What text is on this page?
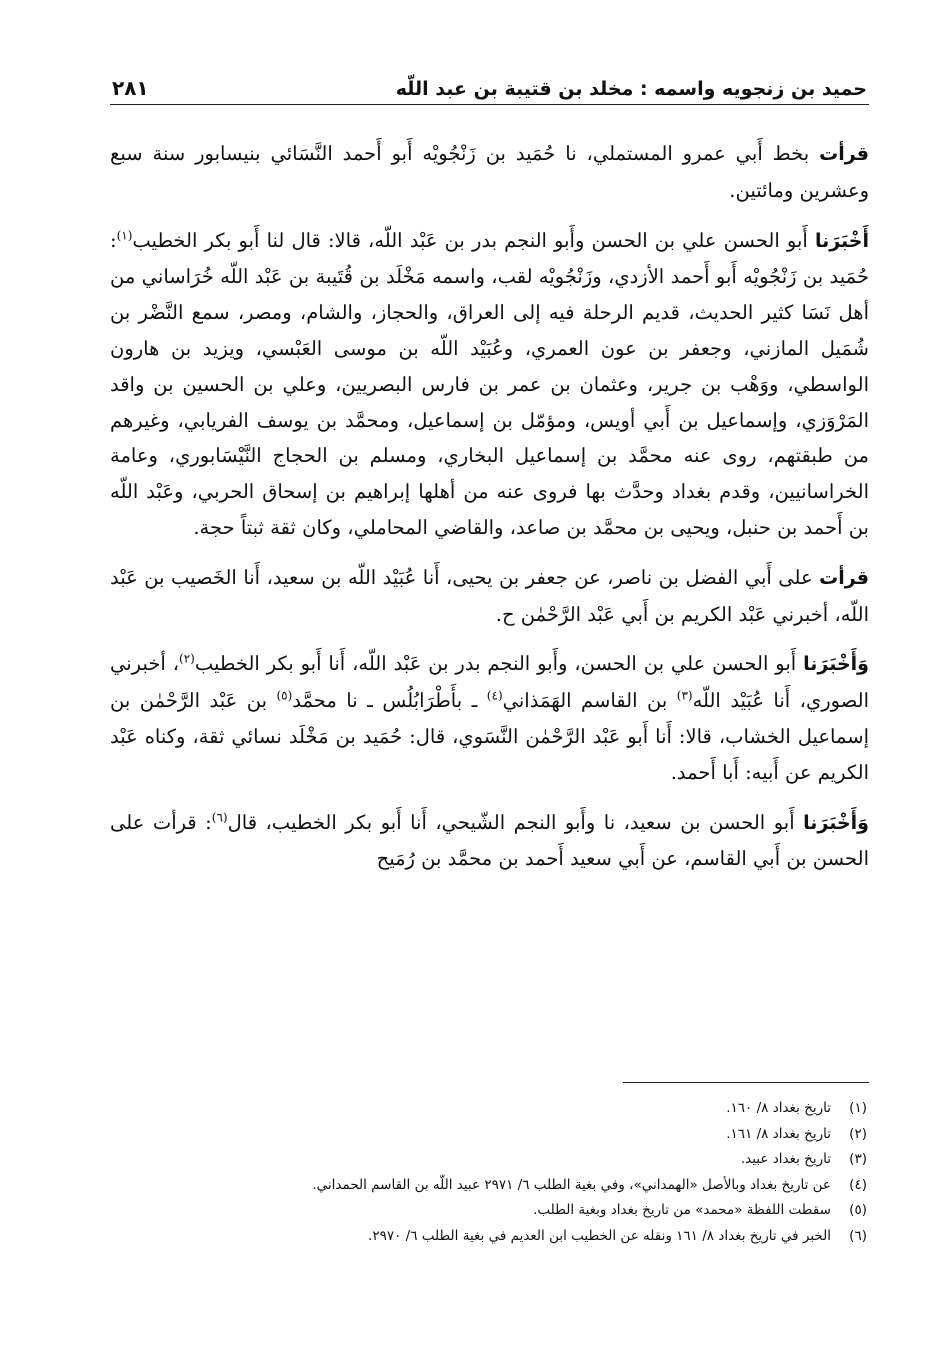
حميد بن زنجويه واسمه : مخلد بن قتيبة بن عبد اللّه
٢٨١

قرأت بخط أَبي عمرو المستملي، نا حُمَيد بن زَنْجُويْه أَبو أَحمد النَّسَائي بنيسابور سنة سبع وعشرين ومائتين.

أَخْبَرَنا أَبو الحسن علي بن الحسن وأَبو النجم بدر بن عَبْد اللّه، قالا: قال لنا أَبو بكر الخطيب$^{(١)}$: حُمَيد بن زَنْجُويْه أَبو أَحمد الأزدي، وزَنْجُويْه لقب، واسمه مَخْلَد بن قُتَيبة بن عَبْد اللّه خُرَاساني من أهل نَسَا كثير الحديث، قديم الرحلة فيه إلى العراق، والحجاز، والشام، ومصر، سمع النَّضْر بن شُمَيل المازني، وجعفر بن عون العمري، وعُبَيْد اللّه بن موسى العَبْسي، ويزيد بن هارون الواسطي، ووَهْب بن جرير، وعثمان بن عمر بن فارس البصريين، وعلي بن الحسين بن واقد المَرْوَزي، وإسماعيل بن أَبي أويس، ومؤمّل بن إسماعيل، ومحمَّد بن يوسف الفريابي، وغيرهم من طبقتهم، روى عنه محمَّد بن إسماعيل البخاري، ومسلم بن الحجاج النَّيْسَابوري، وعامة الخراسانيين، وقدم بغداد وحدَّث بها فروى عنه من أهلها إبراهيم بن إسحاق الحربي، وعَبْد اللّه بن أَحمد بن حنبل، ويحيى بن محمَّد بن صاعد، والقاضي المحاملي، وكان ثقة ثبتاً حجة.

قرأت على أَبي الفضل بن ناصر، عن جعفر بن يحيى، أَنا عُبَيْد اللّه بن سعيد، أَنا الخَصيب بن عَبْد اللّه، أخبرني عَبْد الكريم بن أَبي عَبْد الرَّحْمٰن ح.

وَأَخْبَرَنا أَبو الحسن علي بن الحسن، وأَبو النجم بدر بن عَبْد اللّه، أَنا أَبو بكر الخطيب$^{(٢)}$، أخبرني الصوري، أَنا عُبَيْد اللّه$^{(٣)}$ بن القاسم الهَمَذاني$^{(٤)}$ ـ بأَطْرَابُلُس ـ نا محمَّد$^{(٥)}$ بن عَبْد الرَّحْمٰن بن إسماعيل الخشاب، قالا: أَنا أَبو عَبْد الرَّحْمٰن النَّسَوي، قال: حُمَيد بن مَخْلَد نسائي ثقة، وكناه عَبْد الكريم عن أَبيه: أَبا أَحمد.

وَأَخْبَرَنا أَبو الحسن بن سعيد، نا وأَبو النجم الشّيحي، أَنا أَبو بكر الخطيب، قال$^{(٦)}$: قرأت على الحسن بن أَبي القاسم، عن أَبي سعيد أَحمد بن محمَّد بن رُمَيح

(١)
تاريخ بغداد ٨/ ١٦٠.
(٢)
تاريخ بغداد ٨/ ١٦١.
(٣)
تاريخ بغداد عبيد.
(٤)
عن تاريخ بغداد وبالأصل «الهمداني»، وفي بغية الطلب ٦/ ٢٩٧١ عبيد اللّه بن القاسم الحمداني.
(٥)
سقطت اللفظة «محمد» من تاريخ بغداد وبغية الطلب.
(٦)
الخبر في تاريخ بغداد ٨/ ١٦١ ونقله عن الخطيب ابن العديم في بغية الطلب ٦/ ٢٩٧٠.
